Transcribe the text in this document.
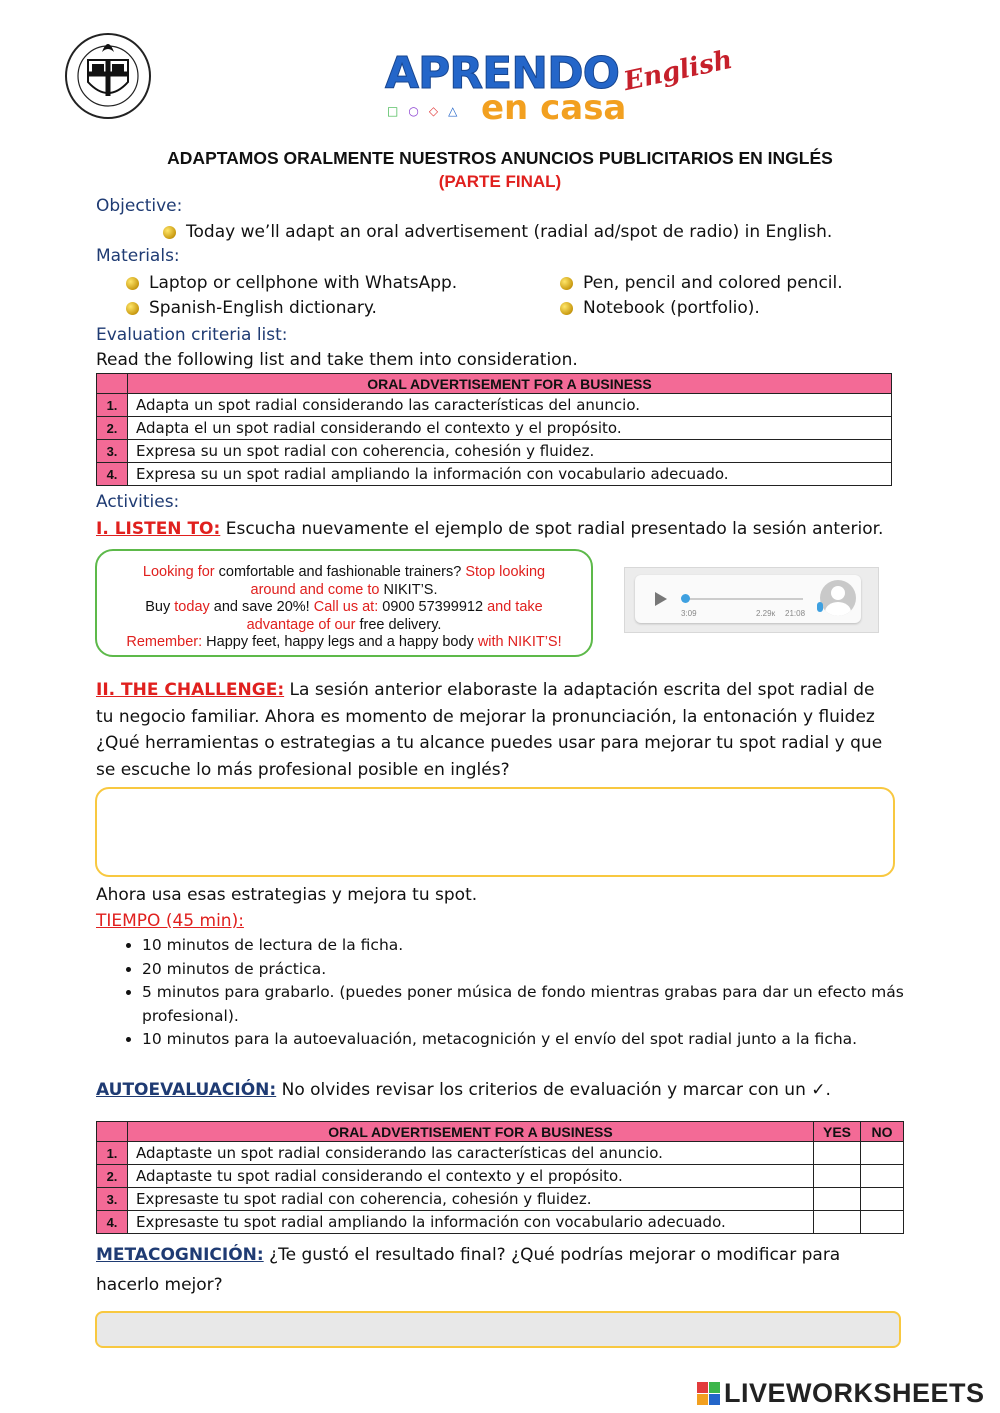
APRENDO English
□○◇△ en casa
ADAPTAMOS ORALMENTE NUESTROS ANUNCIOS PUBLICITARIOS EN INGLÉS
(PARTE FINAL)
Objective:
Today we’ll adapt an oral advertisement (radial ad/spot de radio) in English.
Materials:
Laptop or cellphone with WhatsApp.
Spanish-English dictionary.
Pen, pencil and colored pencil.
Notebook (portfolio).
Evaluation criteria list:
Read the following list and take them into consideration.
	ORAL ADVERTISEMENT FOR A BUSINESS
1.	Adapta un spot radial considerando las características del anuncio.
2.	Adapta el un spot radial considerando el contexto y el propósito.
3.	Expresa su un spot radial con coherencia, cohesión y fluidez.
4.	Expresa su un spot radial ampliando la información con vocabulario adecuado.
Activities:
I. LISTEN TO: Escucha nuevamente el ejemplo de spot radial presentado la sesión anterior.
Looking for comfortable and fashionable trainers? Stop looking
around and come to NIKIT’S.
Buy today and save 20%! Call us at: 0900 57399912 and take
advantage of our free delivery.
Remember: Happy feet, happy legs and a happy body with NIKIT’S!
3:09	2.29к 21:08
II. THE CHALLENGE: La sesión anterior elaboraste la adaptación escrita del spot radial de tu negocio familiar. Ahora es momento de mejorar la pronunciación, la entonación y fluidez ¿Qué herramientas o estrategias a tu alcance puedes usar para mejorar tu spot radial y que se escuche lo más profesional posible en inglés?
Ahora usa esas estrategias y mejora tu spot.
TIEMPO (45 min):
• 10 minutos de lectura de la ficha.
• 20 minutos de práctica.
• 5 minutos para grabarlo. (puedes poner música de fondo mientras grabas para dar un efecto más profesional).
• 10 minutos para la autoevaluación, metacognición y el envío del spot radial junto a la ficha.
AUTOEVALUACIÓN: No olvides revisar los criterios de evaluación y marcar con un ✓.
	ORAL ADVERTISEMENT FOR A BUSINESS	YES	NO
1.	Adaptaste un spot radial considerando las características del anuncio.		
2.	Adaptaste tu spot radial considerando el contexto y el propósito.		
3.	Expresaste tu spot radial con coherencia, cohesión y fluidez.		
4.	Expresaste tu spot radial ampliando la información con vocabulario adecuado.		
METACOGNICIÓN: ¿Te gustó el resultado final? ¿Qué podrías mejorar o modificar para hacerlo mejor?
LIVEWORKSHEETS
